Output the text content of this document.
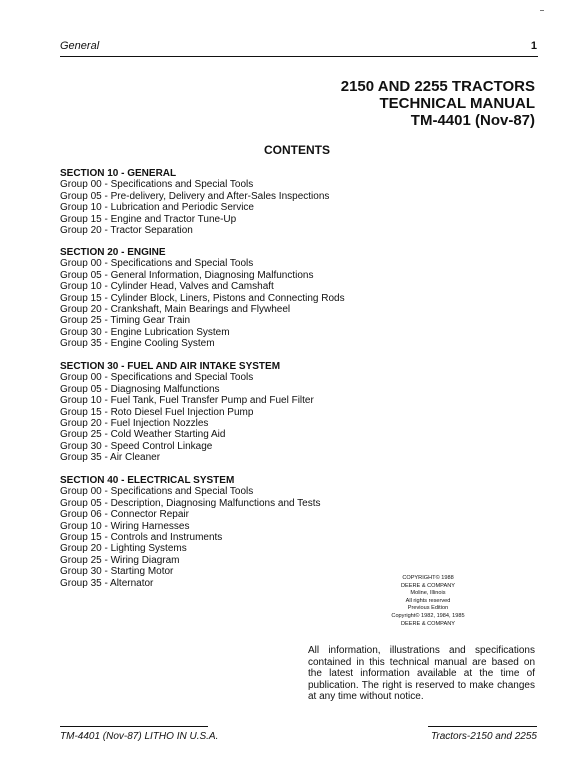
General	1
2150 AND 2255 TRACTORS
TECHNICAL MANUAL
TM-4401 (Nov-87)
CONTENTS
SECTION 10 - GENERAL
Group 00 - Specifications and Special Tools
Group 05 - Pre-delivery, Delivery and After-Sales Inspections
Group 10 - Lubrication and Periodic Service
Group 15 - Engine and Tractor Tune-Up
Group 20 - Tractor Separation
SECTION 20 - ENGINE
Group 00 - Specifications and Special Tools
Group 05 - General Information, Diagnosing Malfunctions
Group 10 - Cylinder Head, Valves and Camshaft
Group 15 - Cylinder Block, Liners, Pistons and Connecting Rods
Group 20 - Crankshaft, Main Bearings and Flywheel
Group 25 - Timing Gear Train
Group 30 - Engine Lubrication System
Group 35 - Engine Cooling System
SECTION 30 - FUEL AND AIR INTAKE SYSTEM
Group 00 - Specifications and Special Tools
Group 05 - Diagnosing Malfunctions
Group 10 - Fuel Tank, Fuel Transfer Pump and Fuel Filter
Group 15 - Roto Diesel Fuel Injection Pump
Group 20 - Fuel Injection Nozzles
Group 25 - Cold Weather Starting Aid
Group 30 - Speed Control Linkage
Group 35 - Air Cleaner
SECTION 40 - ELECTRICAL SYSTEM
Group 00 - Specifications and Special Tools
Group 05 - Description, Diagnosing Malfunctions and Tests
Group 06 - Connector Repair
Group 10 - Wiring Harnesses
Group 15 - Controls and Instruments
Group 20 - Lighting Systems
Group 25 - Wiring Diagram
Group 30 - Starting Motor
Group 35 - Alternator	COPYRIGHT© 1988
DEERE & COMPANY
Moline, Illinois
All rights reserved
Previous Edition
Copyright© 1982, 1984, 1985
DEERE & COMPANY
All information, illustrations and specifications contained in this technical manual are based on the latest information available at the time of publication. The right is reserved to make changes at any time without notice.
TM-4401 (Nov-87) LITHO IN U.S.A.	Tractors-2150 and 2255
